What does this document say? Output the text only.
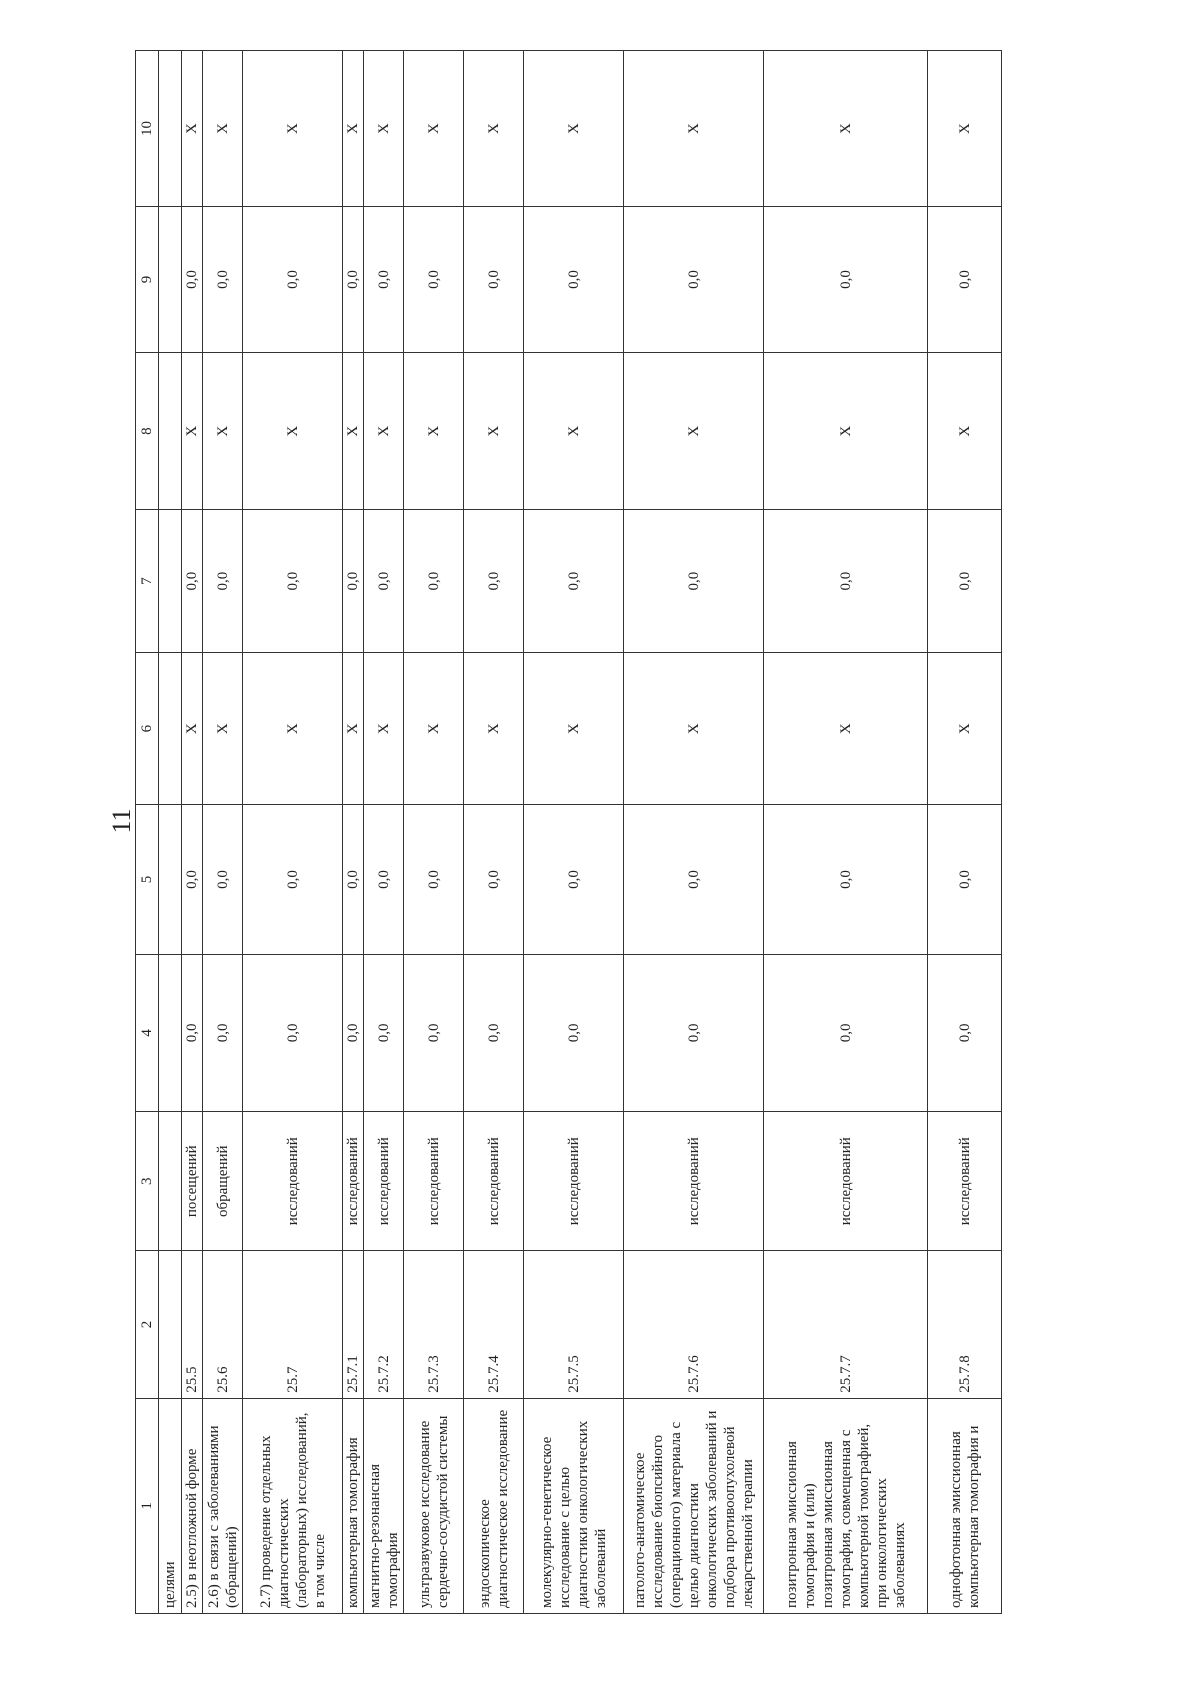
11
1	2	3	4	5	6	7	8	9	10
целями									
2.5) в неотложной форме	25.5	посещений	0,0	0,0	X	0,0	X	0,0	X
2.6) в связи с заболеваниями (обращений)	25.6	обращений	0,0	0,0	X	0,0	X	0,0	X
2.7) проведение отдельных диагностических (лабораторных) исследований, в том числе	25.7	исследований	0,0	0,0	X	0,0	X	0,0	X
компьютерная томография	25.7.1	исследований	0,0	0,0	X	0,0	X	0,0	X
магнитно-резонансная томография	25.7.2	исследований	0,0	0,0	X	0,0	X	0,0	X
ультразвуковое исследование сердечно-сосудистой системы	25.7.3	исследований	0,0	0,0	X	0,0	X	0,0	X
эндоскопическое диагностическое исследование	25.7.4	исследований	0,0	0,0	X	0,0	X	0,0	X
молекулярно-генетическое исследование с целью диагностики онкологических заболеваний	25.7.5	исследований	0,0	0,0	X	0,0	X	0,0	X
патолого-анатомическое исследование биопсийного (операционного) материала с целью диагностики онкологических заболеваний и подбора противоопухолевой лекарственной терапии	25.7.6	исследований	0,0	0,0	X	0,0	X	0,0	X
позитронная эмиссионная томография и (или) позитронная эмиссионная томография, совмещенная с компьютерной томографией, при онкологических заболеваниях	25.7.7	исследований	0,0	0,0	X	0,0	X	0,0	X
однофотонная эмиссионная компьютерная томография и	25.7.8	исследований	0,0	0,0	X	0,0	X	0,0	X
